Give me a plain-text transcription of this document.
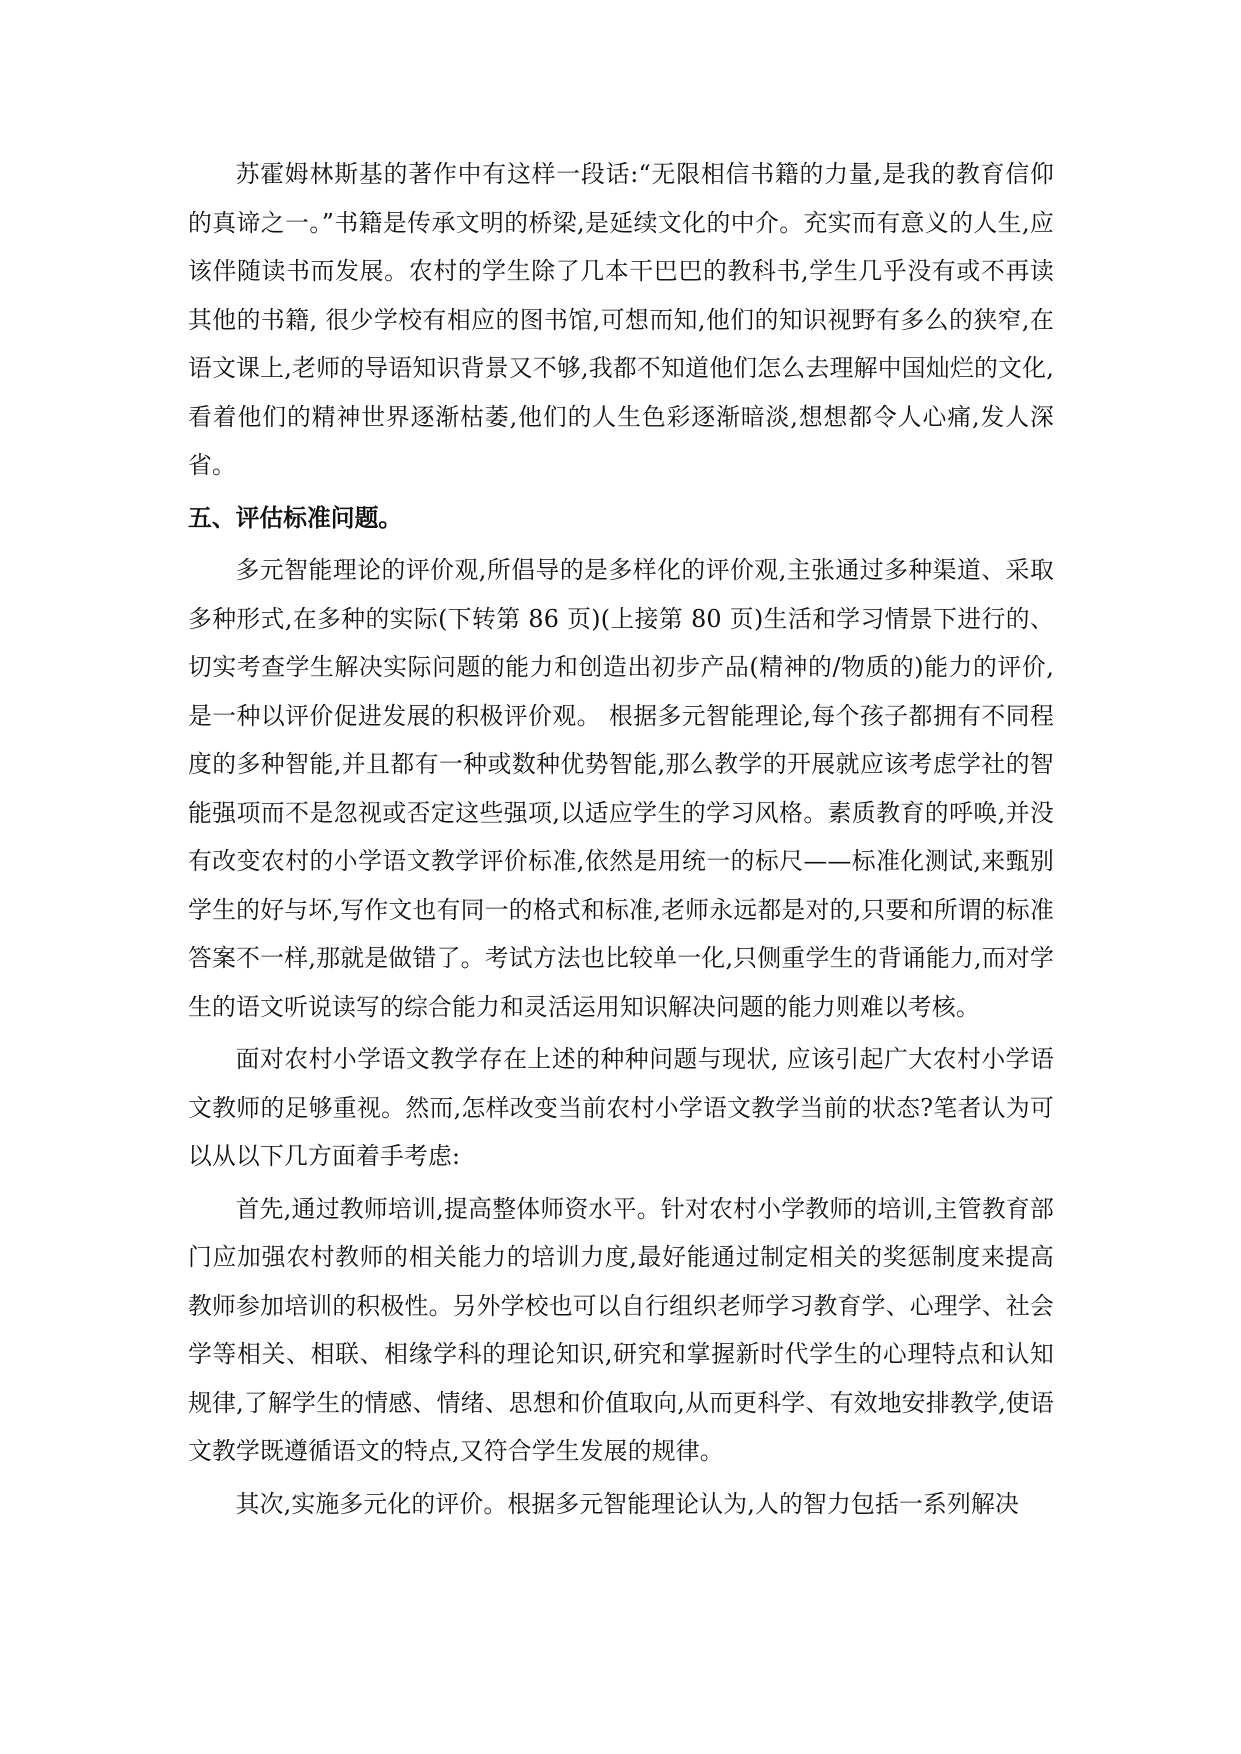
苏霍姆林斯基的著作中有这样一段话:“无限相信书籍的力量,是我的教育信仰的真谛之一。”书籍是传承文明的桥梁,是延续文化的中介。充实而有意义的人生,应该伴随读书而发展。农村的学生除了几本干巴巴的教科书,学生几乎没有或不再读其他的书籍, 很少学校有相应的图书馆,可想而知,他们的知识视野有多么的狭窄,在语文课上,老师的导语知识背景又不够,我都不知道他们怎么去理解中国灿烂的文化,看着他们的精神世界逐渐枯萎,他们的人生色彩逐渐暗淡,想想都令人心痛,发人深省。

五、评估标准问题。

多元智能理论的评价观,所倡导的是多样化的评价观,主张通过多种渠道、采取多种形式,在多种的实际(下转第 86 页)(上接第 80 页)生活和学习情景下进行的、切实考查学生解决实际问题的能力和创造出初步产品(精神的/物质的)能力的评价,是一种以评价促进发展的积极评价观。 根据多元智能理论,每个孩子都拥有不同程度的多种智能,并且都有一种或数种优势智能,那么教学的开展就应该考虑学社的智能强项而不是忽视或否定这些强项,以适应学生的学习风格。素质教育的呼唤,并没有改变农村的小学语文教学评价标准,依然是用统一的标尺——标准化测试,来甄别学生的好与坏,写作文也有同一的格式和标准,老师永远都是对的,只要和所谓的标准答案不一样,那就是做错了。考试方法也比较单一化,只侧重学生的背诵能力,而对学生的语文听说读写的综合能力和灵活运用知识解决问题的能力则难以考核。

面对农村小学语文教学存在上述的种种问题与现状, 应该引起广大农村小学语文教师的足够重视。然而,怎样改变当前农村小学语文教学当前的状态?笔者认为可以从以下几方面着手考虑:

首先,通过教师培训,提高整体师资水平。针对农村小学教师的培训,主管教育部门应加强农村教师的相关能力的培训力度,最好能通过制定相关的奖惩制度来提高教师参加培训的积极性。另外学校也可以自行组织老师学习教育学、心理学、社会学等相关、相联、相缘学科的理论知识,研究和掌握新时代学生的心理特点和认知规律,了解学生的情感、情绪、思想和价值取向,从而更科学、有效地安排教学,使语文教学既遵循语文的特点,又符合学生发展的规律。

其次,实施多元化的评价。根据多元智能理论认为,人的智力包括一系列解决
